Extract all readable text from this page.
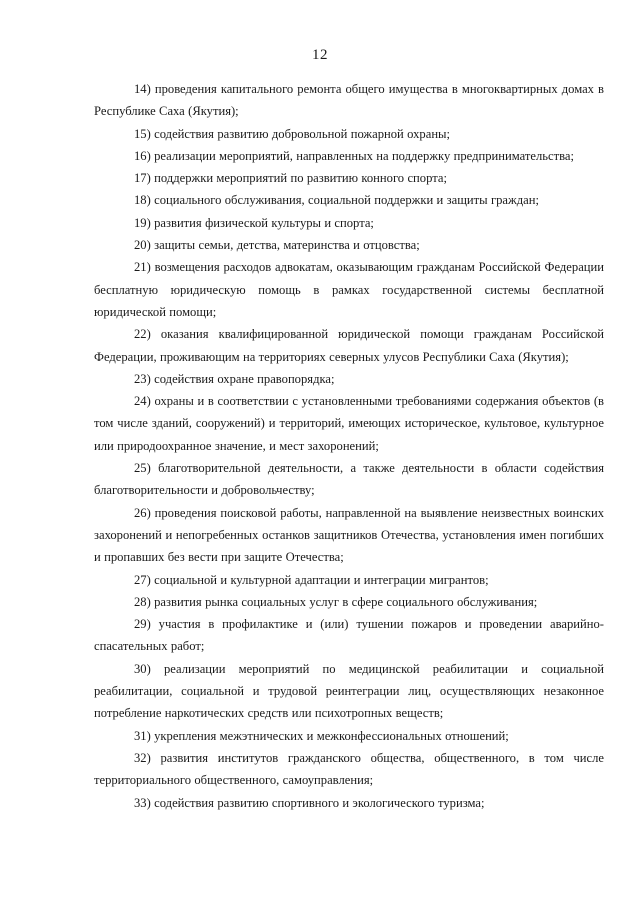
12

14) проведения капитального ремонта общего имущества в многоквартирных домах в Республике Саха (Якутия);

15) содействия развитию добровольной пожарной охраны;

16) реализации мероприятий, направленных на поддержку предпринимательства;

17) поддержки мероприятий по развитию конного спорта;

18) социального обслуживания, социальной поддержки и защиты граждан;

19) развития физической культуры и спорта;

20) защиты семьи, детства, материнства и отцовства;

21) возмещения расходов адвокатам, оказывающим гражданам Российской Федерации бесплатную юридическую помощь в рамках государственной системы бесплатной юридической помощи;

22) оказания квалифицированной юридической помощи гражданам Российской Федерации, проживающим на территориях северных улусов Республики Саха (Якутия);

23) содействия охране правопорядка;

24) охраны и в соответствии с установленными требованиями содержания объектов (в том числе зданий, сооружений) и территорий, имеющих историческое, культовое, культурное или природоохранное значение, и мест захоронений;

25) благотворительной деятельности, а также деятельности в области содействия благотворительности и добровольчеству;

26) проведения поисковой работы, направленной на выявление неизвестных воинских захоронений и непогребенных останков защитников Отечества, установления имен погибших и пропавших без вести при защите Отечества;

27) социальной и культурной адаптации и интеграции мигрантов;

28) развития рынка социальных услуг в сфере социального обслуживания;

29) участия в профилактике и (или) тушении пожаров и проведении аварийно-спасательных работ;

30) реализации мероприятий по медицинской реабилитации и социальной реабилитации, социальной и трудовой реинтеграции лиц, осуществляющих незаконное потребление наркотических средств или психотропных веществ;

31) укрепления межэтнических и межконфессиональных отношений;

32) развития институтов гражданского общества, общественного, в том числе территориального общественного, самоуправления;

33) содействия развитию спортивного и экологического туризма;
